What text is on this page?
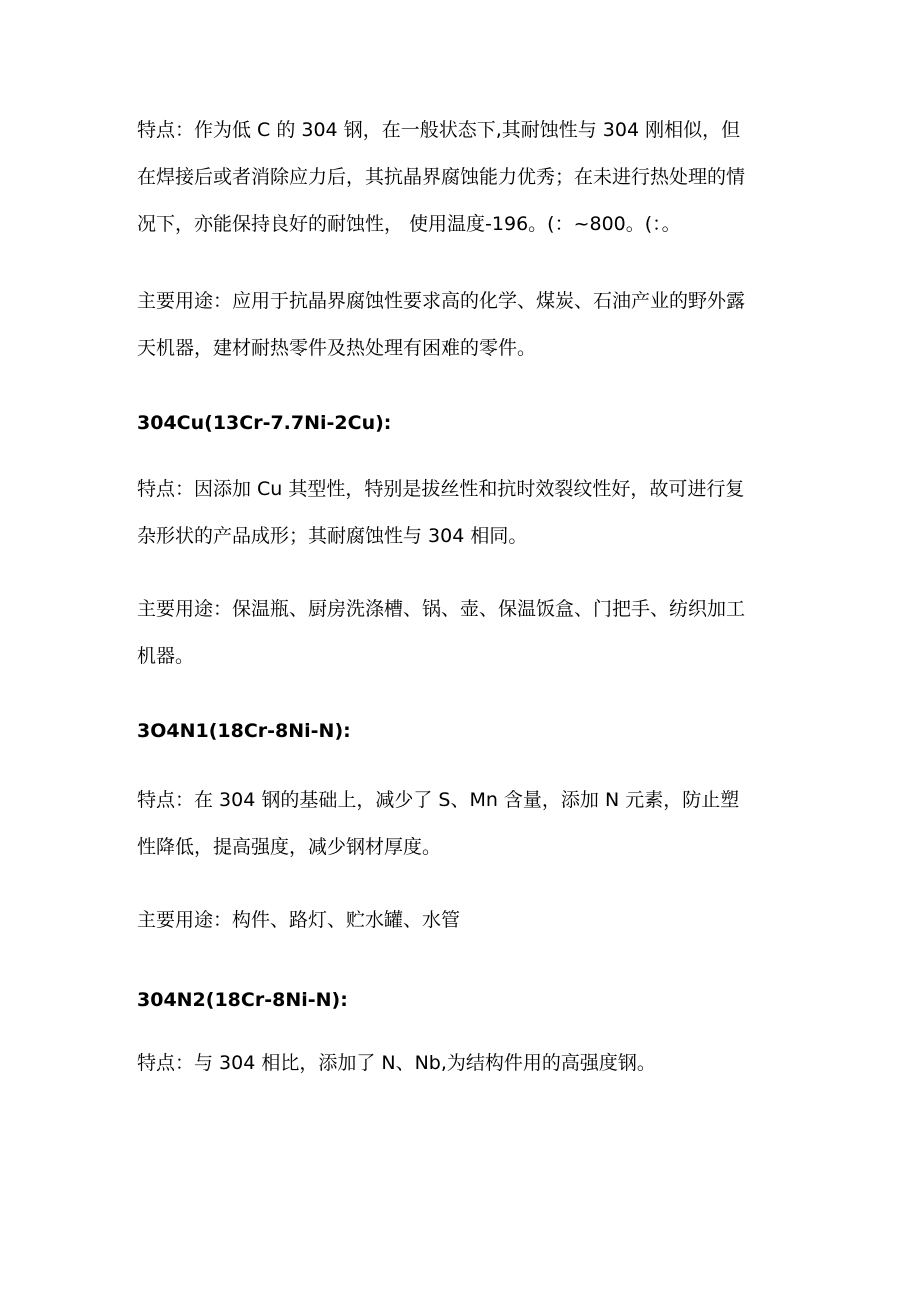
特点：作为低 C 的 304 钢，在一般状态下,其耐蚀性与 304 刚相似，但
在焊接后或者消除应力后，其抗晶界腐蚀能力优秀；在未进行热处理的情
况下，亦能保持良好的耐蚀性， 使用温度-196。(：~800。(：。

主要用途：应用于抗晶界腐蚀性要求高的化学、煤炭、石油产业的野外露
天机器，建材耐热零件及热处理有困难的零件。

304Cu(13Cr-7.7Ni-2Cu):

特点：因添加 Cu 其型性，特别是拔丝性和抗时效裂纹性好，故可进行复
杂形状的产品成形；其耐腐蚀性与 304 相同。

主要用途：保温瓶、厨房洗涤槽、锅、壶、保温饭盒、门把手、纺织加工
机器。

3O4N1(18Cr-8Ni-N):

特点：在 304 钢的基础上，减少了 S、Mn 含量，添加 N 元素，防止塑
性降低，提高强度，减少钢材厚度。

主要用途：构件、路灯、贮水罐、水管

304N2(18Cr-8Ni-N):

特点：与 304 相比，添加了 N、Nb,为结构件用的高强度钢。
